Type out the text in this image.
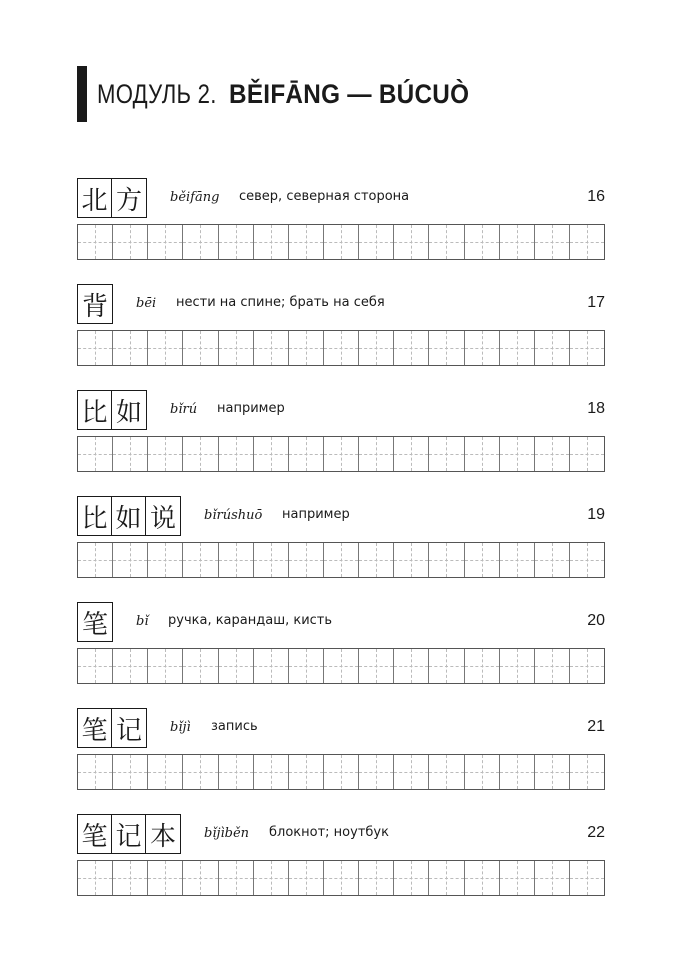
МОДУЛЬ 2. BĚIFĀNG — BÚCUÒ
北 方	běifāng север, северная сторона	16
背	bēi нести на спине; брать на себя	17
比 如	bǐrú например	18
比 如 说	bǐrúshuō например	19
笔	bǐ ручка, карандаш, кисть	20
笔 记	bǐjì запись	21
笔 记 本	bǐjìběn блокнот; ноутбук	22
